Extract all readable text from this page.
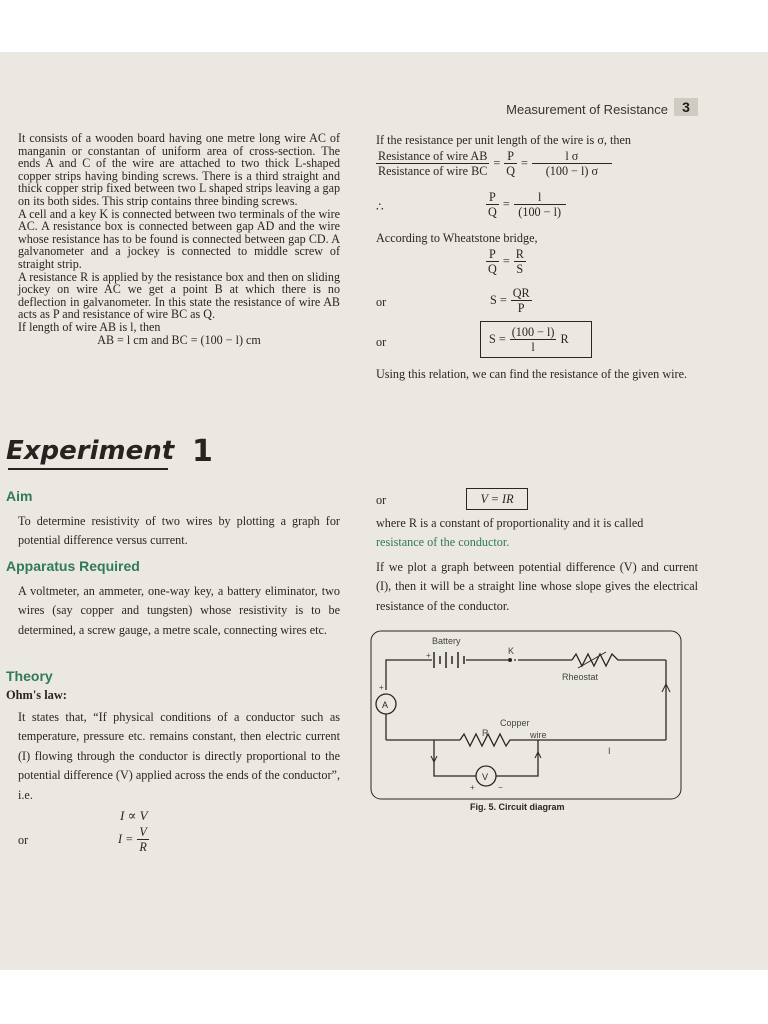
Measurement of Resistance	3

It consists of a wooden board having one metre long wire AC of manganin or constantan of uniform area of cross-section. The ends A and C of the wire are attached to two thick L-shaped copper strips having binding screws. There is a third straight and thick copper strip fixed between two L shaped strips leaving a gap on its both sides. This strip contains three binding screws.

A cell and a key K is connected between two terminals of the wire AC. A resistance box is connected between gap AD and the wire whose resistance has to be found is connected between gap CD. A galvanometer and a jockey is connected to middle screw of straight strip.

A resistance R is applied by the resistance box and then on sliding jockey on wire AC we get a point B at which there is no deflection in galvanometer. In this state the resistance of wire AB acts as P and resistance of wire BC as Q.

If length of wire AB is l, then

AB = l cm and BC = (100 − l) cm

If the resistance per unit length of the wire is σ, then
$\frac{\text{Resistance of wire AB}}{\text{Resistance of wire BC}} = \frac{P}{Q} = \frac{\text{l σ}}{(100 - l) \sigma}$
∴	$\frac{P}{Q} = \frac{l}{(100 - l)}$
According to Wheatstone bridge,
$\frac{P}{Q} = \frac{R}{S}$
or	$S = \frac{QR}{P}$
or	$S = \frac{(100 - l)}{l}$ R
Using this relation, we can find the resistance of the given wire.
Experiment 1
Aim
To determine resistivity of two wires by plotting a graph for potential difference versus current.
Apparatus Required
A voltmeter, an ammeter, one-way key, a battery eliminator, two wires (say copper and tungsten) whose resistivity is to be determined, a screw gauge, a metre scale, connecting wires etc.
Theory
Ohm's law:
It states that, “If physical conditions of a conductor such as temperature, pressure etc. remains constant, then electric current (I) flowing through the conductor is directly proportional to the potential difference (V) applied across the ends of the conductor”, i.e.
I ∝ V
or	$I = \frac{V}{R}$
or	V = IR
where R is a constant of proportionality and it is called
resistance of the conductor.
If we plot a graph between potential difference (V) and current (I), then it will be a straight line whose slope gives the electrical resistance of the conductor.
Battery
+	K
Rheostat
A
+
Copper
R	wire
I
V
+	−
Fig. 5. Circuit diagram
